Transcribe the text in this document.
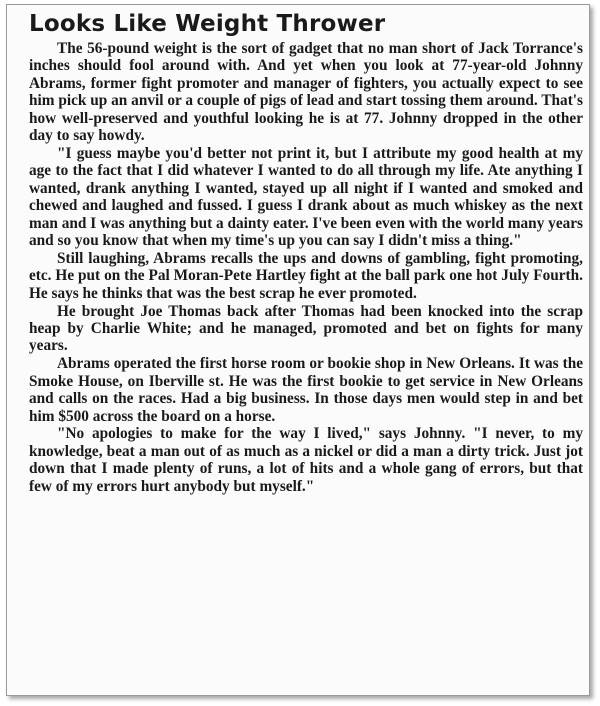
Looks Like Weight Thrower

The 56-pound weight is the sort of gadget that no man short of Jack Torrance's inches should fool around with. And yet when you look at 77-year-old Johnny Abrams, former fight promoter and manager of fighters, you actually expect to see him pick up an anvil or a couple of pigs of lead and start tossing them around. That's how well-preserved and youthful looking he is at 77. Johnny dropped in the other day to say howdy.

"I guess maybe you'd better not print it, but I attribute my good health at my age to the fact that I did whatever I wanted to do all through my life. Ate anything I wanted, drank anything I wanted, stayed up all night if I wanted and smoked and chewed and laughed and fussed. I guess I drank about as much whiskey as the next man and I was anything but a dainty eater. I've been even with the world many years and so you know that when my time's up you can say I didn't miss a thing."

Still laughing, Abrams recalls the ups and downs of gambling, fight promoting, etc. He put on the Pal Moran-Pete Hartley fight at the ball park one hot July Fourth. He says he thinks that was the best scrap he ever promoted.

He brought Joe Thomas back after Thomas had been knocked into the scrap heap by Charlie White; and he managed, promoted and bet on fights for many years.

Abrams operated the first horse room or bookie shop in New Orleans. It was the Smoke House, on Iberville st. He was the first bookie to get service in New Orleans and calls on the races. Had a big business. In those days men would step in and bet him $500 across the board on a horse.

"No apologies to make for the way I lived," says Johnny. "I never, to my knowledge, beat a man out of as much as a nickel or did a man a dirty trick. Just jot down that I made plenty of runs, a lot of hits and a whole gang of errors, but that few of my errors hurt anybody but myself."
